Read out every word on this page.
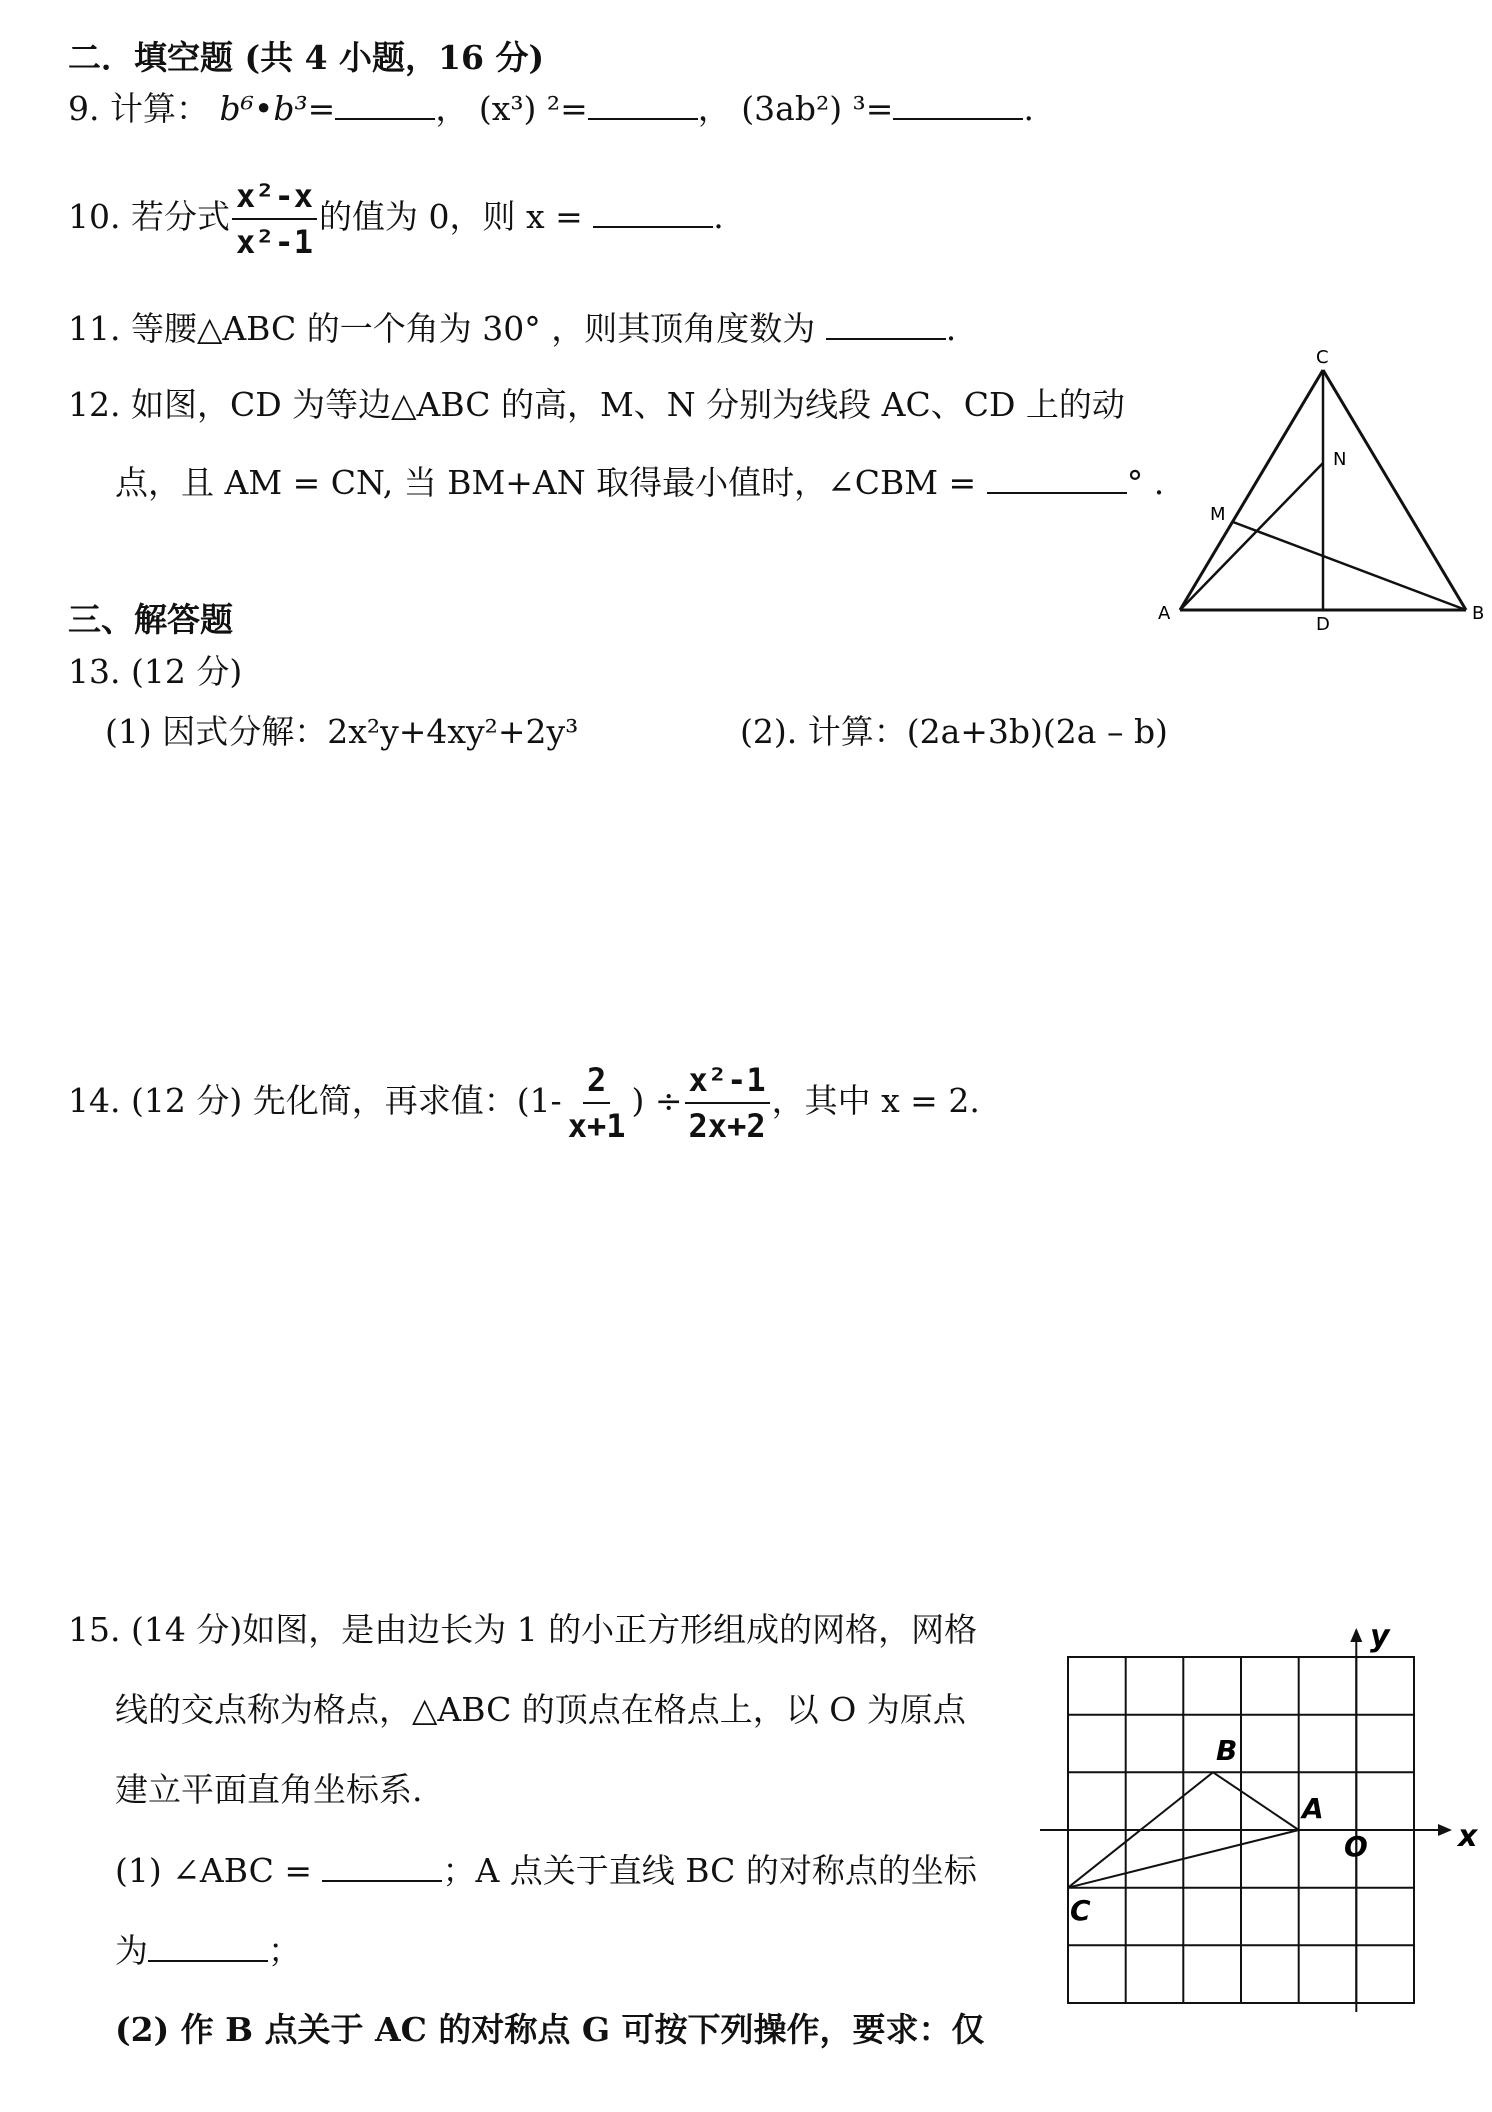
二．填空题 (共 4 小题，16 分)
9. 计算： b⁶•b³=	， (x³) ²=	， (3ab²) ³=	.
10. 若分式 $\frac{\text{x²-x}}{\text{x²-1}}$ 的值为 0，则 x =	.
11. 等腰△ABC 的一个角为 30° ，则其顶角度数为	.
12. 如图，CD 为等边△ABC 的高，M、N 分别为线段 AC、CD 上的动
点，且 AM = CN, 当 BM+AN 取得最小值时，∠CBM =	° .
C
N
M
A
D
B
三、解答题
13. (12 分)
(1) 因式分解：2x²y+4xy²+2y³	(2). 计算：(2a+3b)(2a – b)
14. (12 分) 先化简，再求值：($1- \frac{2}{x+1}$ ) ÷ $\frac{\text{x²-1}}{2x+2}$ ，其中 x = 2.
15. (14 分)如图，是由边长为 1 的小正方形组成的网格，网格
线的交点称为格点，△ABC 的顶点在格点上，以 O 为原点
建立平面直角坐标系.
(1) ∠ABC =	；A 点关于直线 BC 的对称点的坐标
为	；
(2) 作 B 点关于 AC 的对称点 G 可按下列操作，要求：仅
y
x
B
A
O
C
